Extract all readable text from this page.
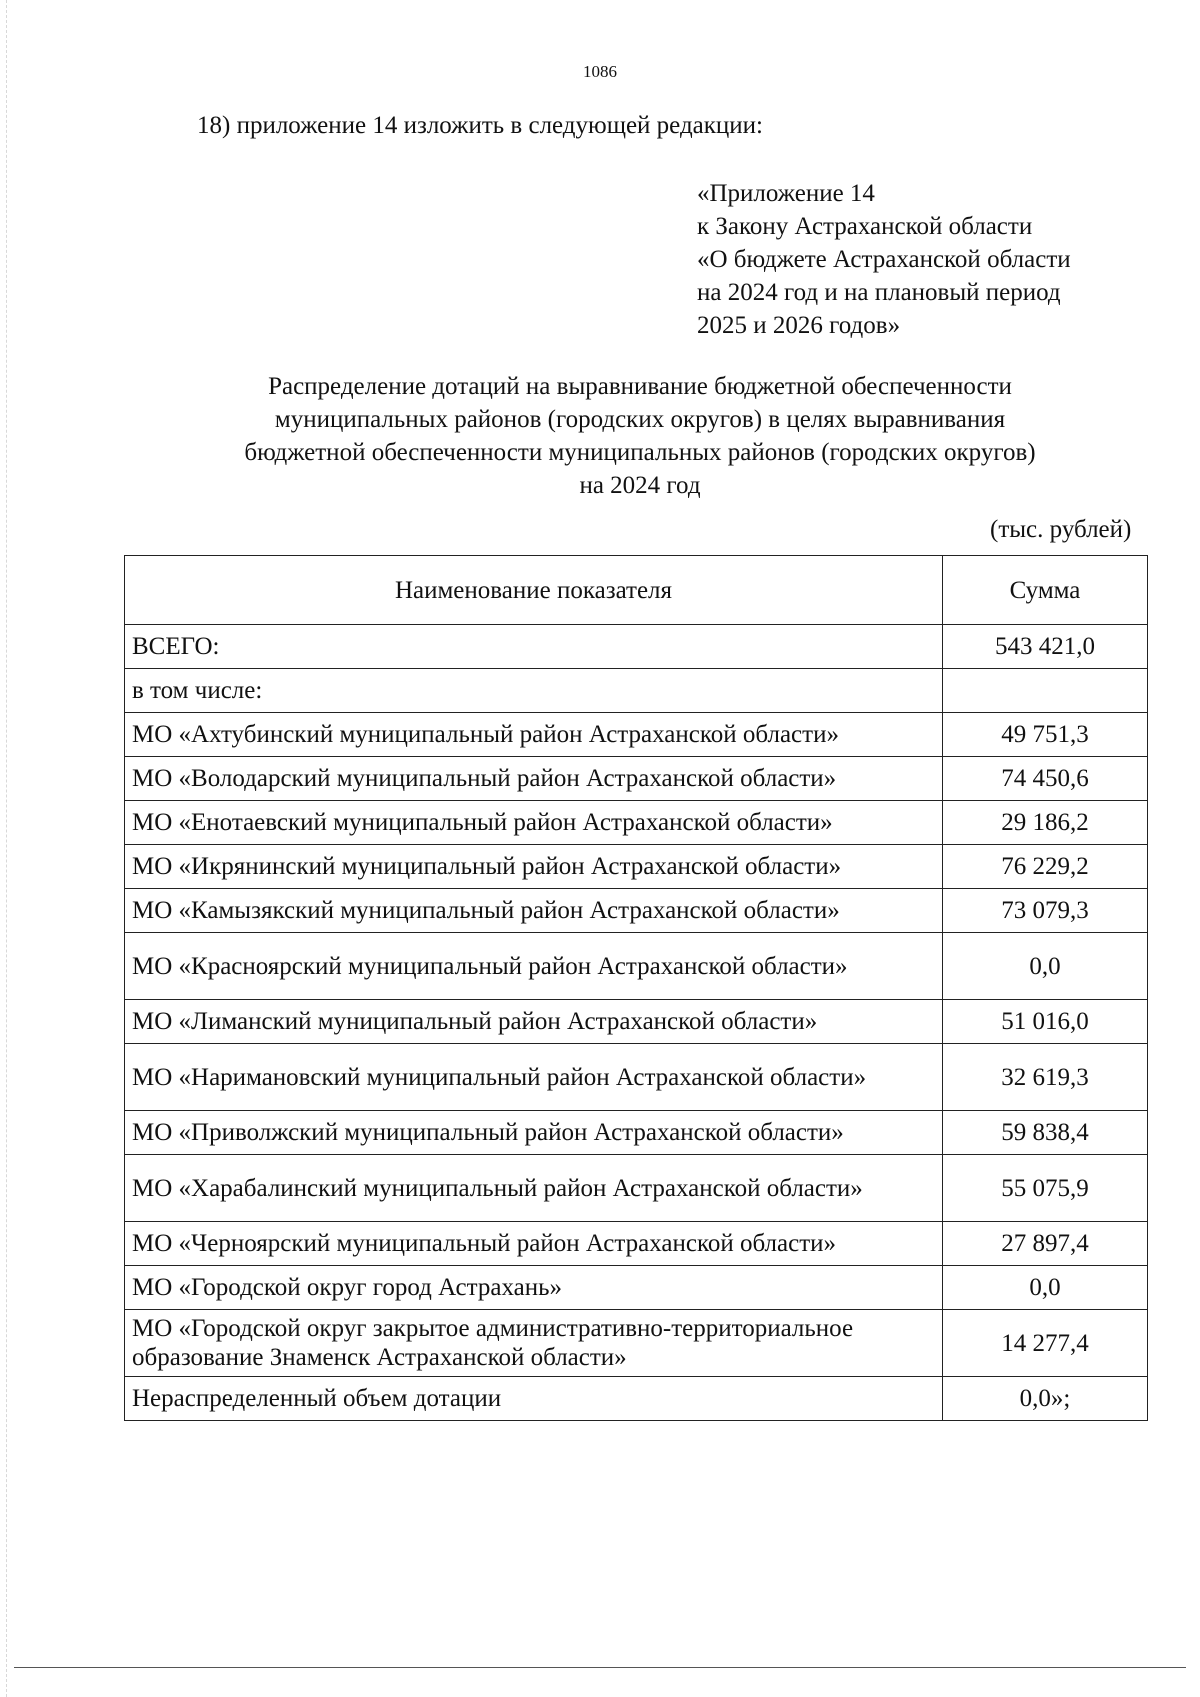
1086
18) приложение 14 изложить в следующей редакции:
«Приложение 14
к Закону Астраханской области
«О бюджете Астраханской области
на 2024 год и на плановый период
2025 и 2026 годов»
Распределение дотаций на выравнивание бюджетной обеспеченности
муниципальных районов (городских округов) в целях выравнивания
бюджетной обеспеченности муниципальных районов (городских округов)
на 2024 год
(тыс. рублей)
Наименование показателя	Сумма
ВСЕГО:	543 421,0
в том числе:	
МО «Ахтубинский муниципальный район Астраханской области»	49 751,3
МО «Володарский муниципальный район Астраханской области»	74 450,6
МО «Енотаевский муниципальный район Астраханской области»	29 186,2
МО «Икрянинский муниципальный район Астраханской области»	76 229,2
МО «Камызякский муниципальный район Астраханской области»	73 079,3
МО «Красноярский муниципальный район Астраханской области»	0,0
МО «Лиманский муниципальный район Астраханской области»	51 016,0
МО «Наримановский муниципальный район Астраханской области»	32 619,3
МО «Приволжский муниципальный район Астраханской области»	59 838,4
МО «Харабалинский муниципальный район Астраханской области»	55 075,9
МО «Черноярский муниципальный район Астраханской области»	27 897,4
МО «Городской округ город Астрахань»	0,0
МО «Городской округ закрытое административно-территориальное образование Знаменск Астраханской области»	14 277,4
Нераспределенный объем дотации	0,0»;
